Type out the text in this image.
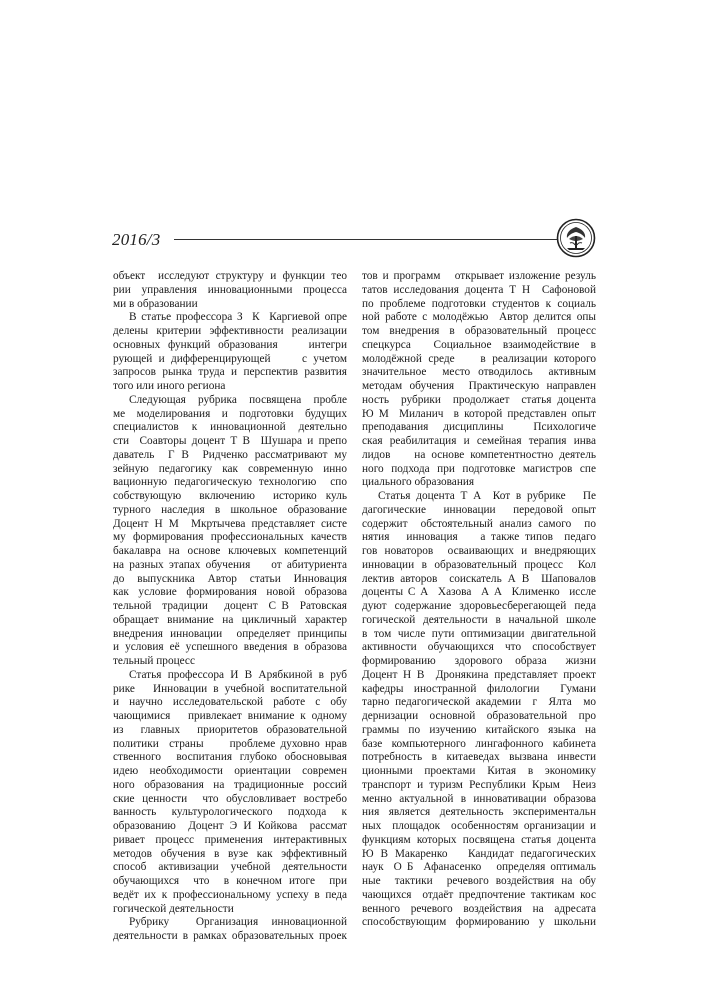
2016/3
объект  исследуют структуру и функции тео
рии управления инновационными процесса
ми в образовании
В статье профессора З  К  Каргиевой опре
делены критерии эффективности реализации
основных функций образования    интегри
рующей и дифференцирующей     с учетом
запросов рынка труда и перспектив развития
того или иного региона
Следующая рубрика посвящена пробле
ме моделирования и подготовки будущих
специалистов к инновационной деятельно
сти  Соавторы доцент Т В  Шушара и препо
даватель  Г В  Ридченко рассматривают му
зейную педагогику как современную инно
вационную педагогическую технологию  спо
собствующую  включению  историко куль
турного наследия в школьное образование
Доцент Н М  Мкртычева представляет систе
му формирования профессиональных качеств
бакалавра на основе ключевых компетенций
на разных этапах обучения    от абитуриента
до  выпускника  Автор  статьи  Инновация
как условие формирования новой образова
тельной  традиции   доцент  С В  Ратовская
обращает внимание на цикличный характер
внедрения инновации  определяет принципы
и условия её успешного введения в образова
тельный процесс
Статья профессора И В Арябкиной в руб
рике   Инновации в учебной воспитательной
и научно исследовательской работе с обу
чающимися   привлекает внимание к одному
из  главных  приоритетов образовательной
политики  страны     проблеме духовно нрав
ственного  воспитания глубоко обосновывая
идею необходимости ориентации современ
ного образования на традиционные россий
ские ценности  что обусловливает востребо
ванность  культурологического  подхода  к
образованию  Доцент Э И Койкова  рассмат
ривает  процесс  применения  интерактивных
методов обучения в вузе как эффективный
способ  активизации  учебной  деятельности
обучающихся  что  в конечном итоге  при
ведёт их к профессиональному успеху в педа
гогической деятельности
Рубрику    Организация  инновационной
деятельности в рамках образовательных проек
тов и программ   открывает изложение резуль
татов исследования доцента Т Н  Сафоновой
по проблеме подготовки студентов к социаль
ной работе с молодёжью  Автор делится опы
том внедрения в образовательный процесс
спецкурса    Социальное  взаимодействие  в
молодёжной среде    в реализации которого
значительное  место отводилось  активным
методам обучения  Практическую направлен
ность  рубрики  продолжает  статья доцента
Ю М  Миланич  в которой представлен опыт
преподавания  дисциплины    Психологиче
ская реабилитация и семейная терапия инва
лидов    на основе компетентностно деятель
ного подхода при подготовке магистров спе
циального образования
Статья доцента Т А  Кот в рубрике   Пе
дагогические  инновации  передовой опыт
содержит  обстоятельный анализ самого  по
нятия   инновация    а также типов  педаго
гов новаторов  осваивающих и внедряющих
инновации в образовательный процесс  Кол
лектив авторов  соискатель А В  Шаповалов
доценты С А  Хазова  А А  Клименко  иссле
дуют содержание здоровьесберегающей педа
гогической деятельности в начальной школе
в том числе пути оптимизации двигательной
активности  обучающихся  что  способствует
формированию   здорового  образа   жизни
Доцент Н В  Дронякина представляет проект
кафедры иностранной филологии  Гумани
тарно педагогической академии  г  Ялта  мо
дернизации основной образовательной про
граммы по изучению китайского языка на
базе компьютерного лингафонного кабинета
потребность  в  китаеведах  вызвана  инвести
ционными  проектами  Китая  в  экономику
транспорт и туризм Республики Крым  Неиз
менно актуальной в инновативации образова
ния  является  деятельность  экспериментальн
ных  площадок  особенностям организации и
функциям которых посвящена статья доцента
Ю В Макаренко   Кандидат педагогических
наук  О Б  Афанасенко   определяя оптималь
ные  тактики  речевого воздействия на обу
чающихся  отдаёт предпочтение тактикам кос
венного речевого воздействия на адресата
способствующим формированию у школьни
